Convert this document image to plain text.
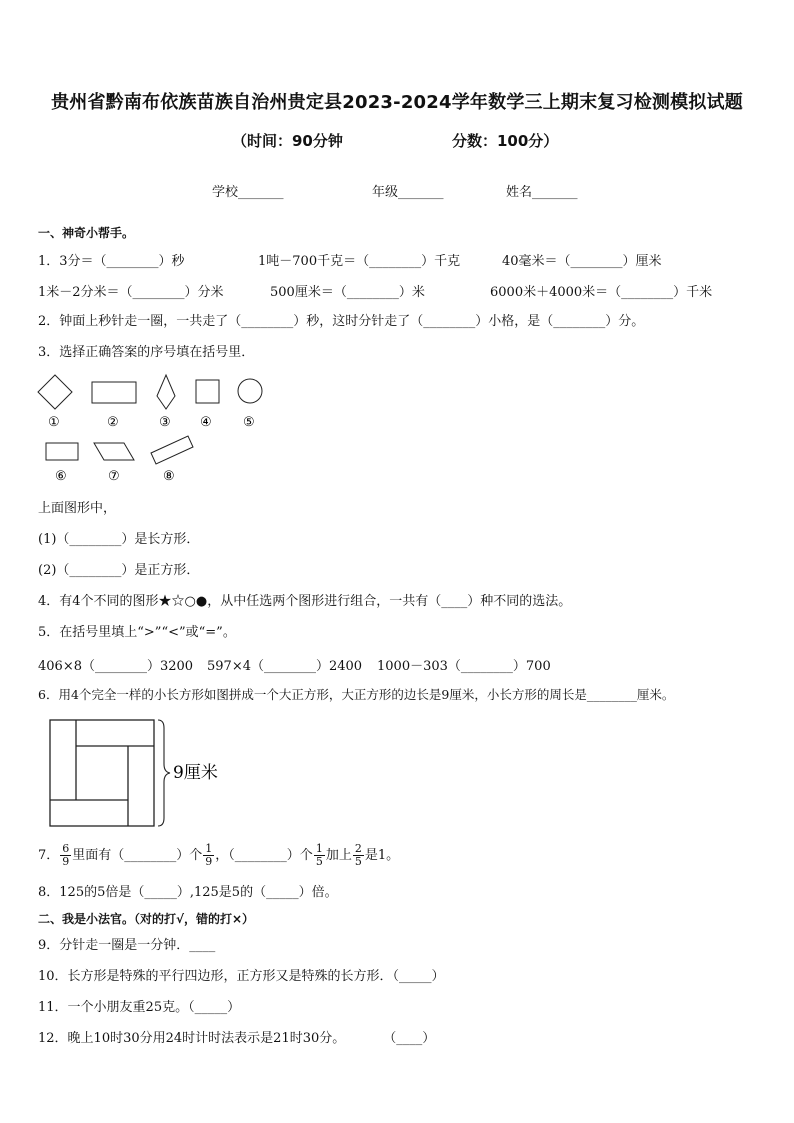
贵州省黔南布依族苗族自治州贵定县2023-2024学年数学三上期末复习检测模拟试题
（时间：90分钟	分数：100分）
学校_______	年级_______	姓名_______
一、神奇小帮手。
1．3分＝（________）秒	1吨－700千克＝（________）千克	40毫米＝（________）厘米
1米－2分米＝（________）分米	500厘米＝（________）米	6000米＋4000米＝（________）千米
2．钟面上秒针走一圈，一共走了（________）秒，这时分针走了（________）小格，是（________）分。
3．选择正确答案的序号填在括号里．
①	②	③ ④ ⑤
⑥	⑦	⑧
上面图形中，
(1)（________）是长方形．
(2)（________）是正方形．
4．有4个不同的图形★☆○●，从中任选两个图形进行组合，一共有（____）种不同的选法。
5．在括号里填上“>”“<”或“=”。
406×8（________）3200 597×4（________）2400 1000－303（________）700
6．用4个完全一样的小长方形如图拼成一个大正方形，大正方形的边长是9厘米，小长方形的周长是________厘米。
9厘米
7． $\frac{6}{9}$ 里面有（________）个 $\frac{1}{9}$ ，（________）个 $\frac{1}{5}$ 加上 $\frac{2}{5}$ 是1。
8．125的5倍是（_____）,125是5的（_____）倍。
二、我是小法官。（对的打√，错的打×）
9．分针走一圈是一分钟．____
10．长方形是特殊的平行四边形，正方形又是特殊的长方形．（_____）
11．一个小朋友重25克。（_____）
12．晚上10时30分用24时计时法表示是21时30分。	（____）
